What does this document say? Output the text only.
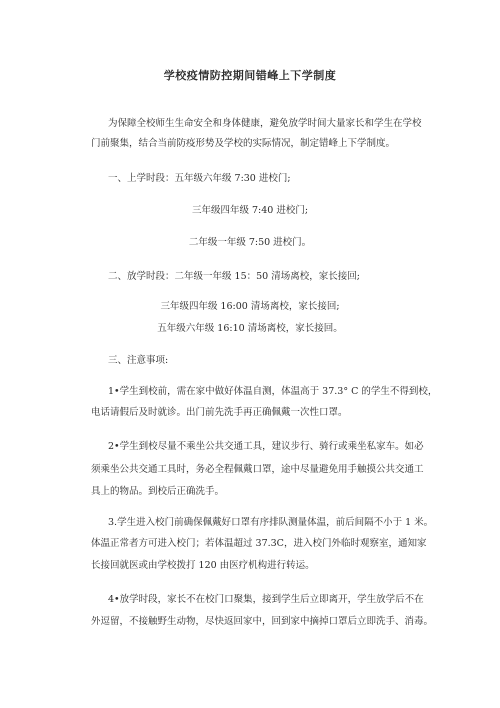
学校疫情防控期间错峰上下学制度
为保障全校师生生命安全和身体健康，避免放学时间大量家长和学生在学校
门前聚集，结合当前防疫形势及学校的实际情况，制定错峰上下学制度。
一、上学时段：五年级六年级 7:30 进校门;
三年级四年级 7:40 进校门;
二年级一年级 7:50 进校门。
二、放学时段：二年级一年级 15：50 清场离校，家长接回;
三年级四年级 16:00 清场离校，家长接回;
五年级六年级 16:10 清场离校，家长接回。
三、注意事项:
1•学生到校前，需在家中做好体温自测，体温高于 37.3° C 的学生不得到校，
电话请假后及时就诊。出门前先洗手再正确佩戴一次性口罩。
2•学生到校尽量不乘坐公共交通工具，建议步行、骑行或乘坐私家车。如必
须乘坐公共交通工具时，务必全程佩戴口罩，途中尽量避免用手触摸公共交通工
具上的物品。到校后正确洗手。
3.学生进入校门前确保佩戴好口罩有序排队测量体温，前后间隔不小于 1 米。
体温正常者方可进入校门；若体温超过 37.3C，进入校门外临时观察室，通知家
长接回就医或由学校拨打 120 由医疗机构进行转运。
4•放学时段，家长不在校门口聚集，接到学生后立即离开，学生放学后不在
外逗留，不接触野生动物，尽快返回家中，回到家中摘掉口罩后立即洗手、消毒。
